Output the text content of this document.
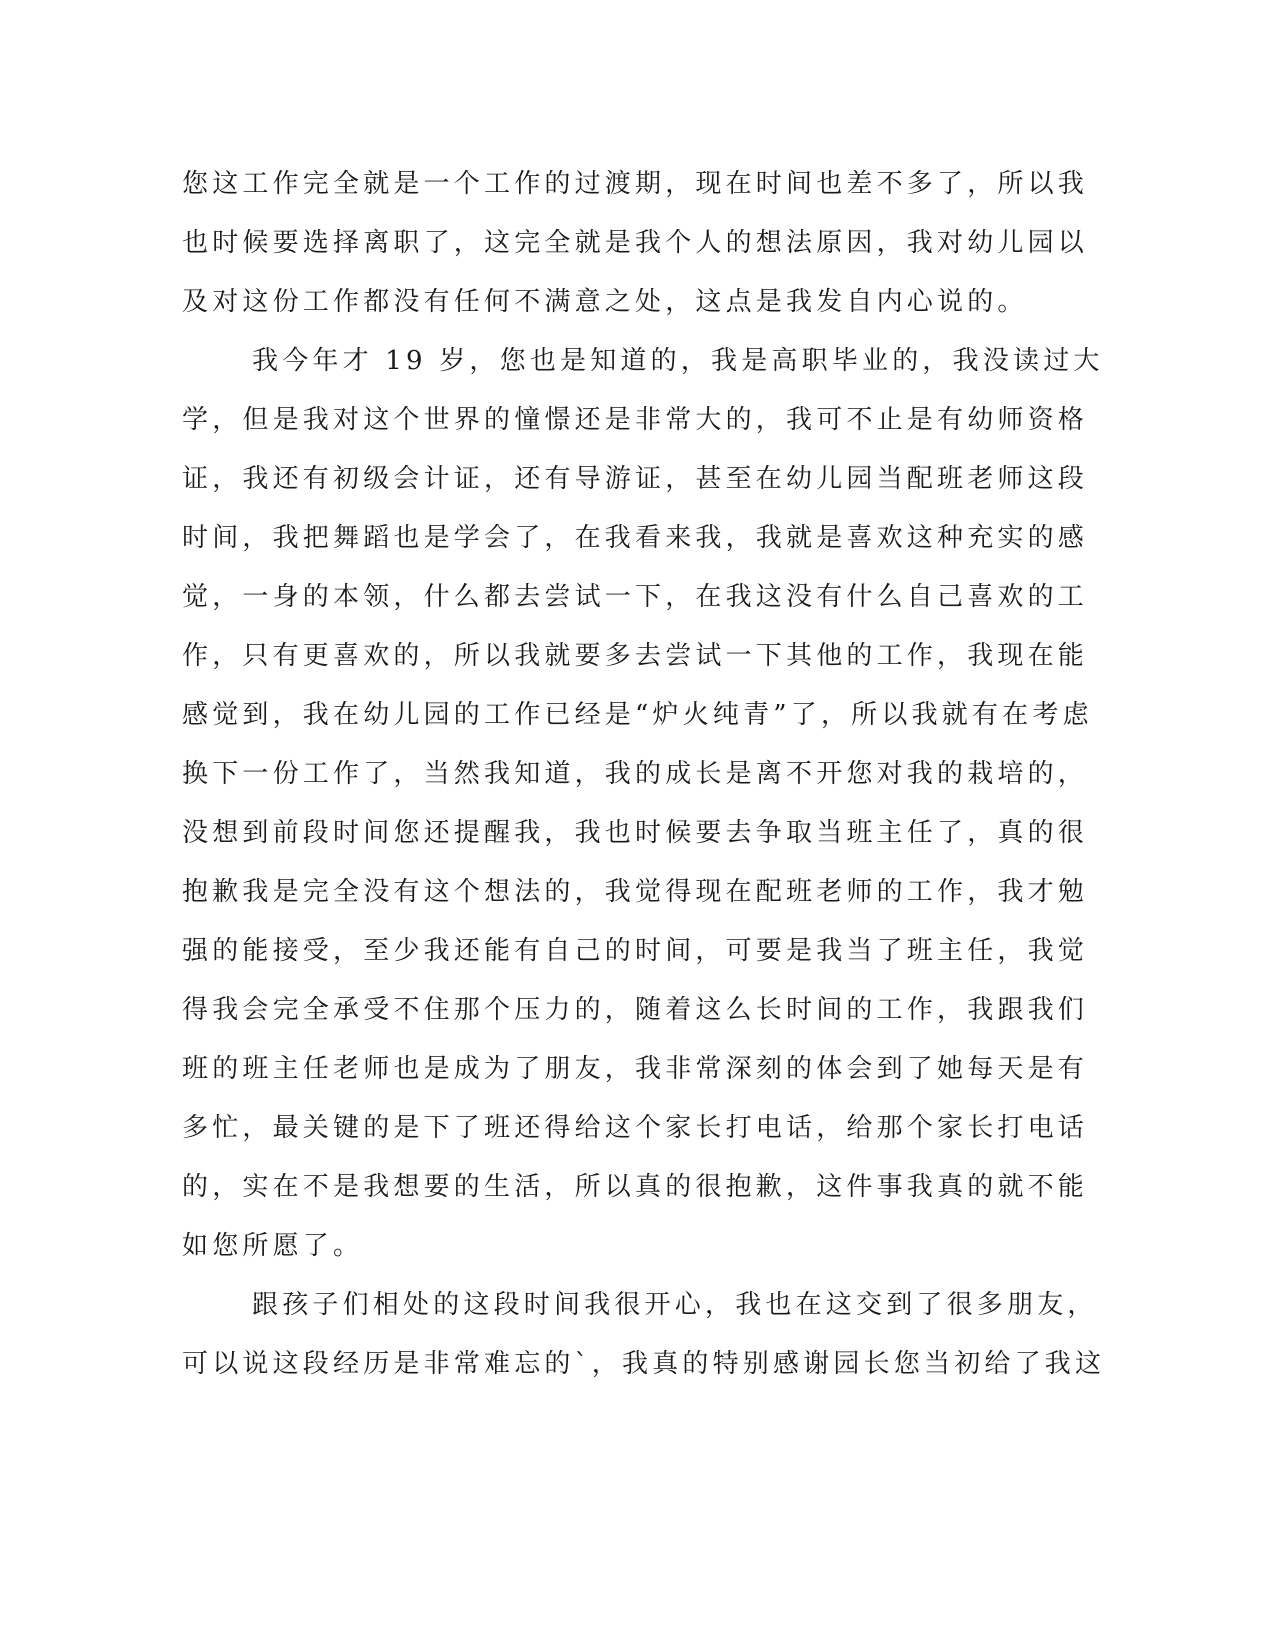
您这工作完全就是一个工作的过渡期，现在时间也差不多了，所以我
也时候要选择离职了，这完全就是我个人的想法原因，我对幼儿园以
及对这份工作都没有任何不满意之处，这点是我发自内心说的。
我今年才 19 岁，您也是知道的，我是高职毕业的，我没读过大
学，但是我对这个世界的憧憬还是非常大的，我可不止是有幼师资格
证，我还有初级会计证，还有导游证，甚至在幼儿园当配班老师这段
时间，我把舞蹈也是学会了，在我看来我，我就是喜欢这种充实的感
觉，一身的本领，什么都去尝试一下，在我这没有什么自己喜欢的工
作，只有更喜欢的，所以我就要多去尝试一下其他的工作，我现在能
感觉到，我在幼儿园的工作已经是“炉火纯青”了，所以我就有在考虑
换下一份工作了，当然我知道，我的成长是离不开您对我的栽培的，
没想到前段时间您还提醒我，我也时候要去争取当班主任了，真的很
抱歉我是完全没有这个想法的，我觉得现在配班老师的工作，我才勉
强的能接受，至少我还能有自己的时间，可要是我当了班主任，我觉
得我会完全承受不住那个压力的，随着这么长时间的工作，我跟我们
班的班主任老师也是成为了朋友，我非常深刻的体会到了她每天是有
多忙，最关键的是下了班还得给这个家长打电话，给那个家长打电话
的，实在不是我想要的生活，所以真的很抱歉，这件事我真的就不能
如您所愿了。
跟孩子们相处的这段时间我很开心，我也在这交到了很多朋友，
可以说这段经历是非常难忘的`，我真的特别感谢园长您当初给了我这
